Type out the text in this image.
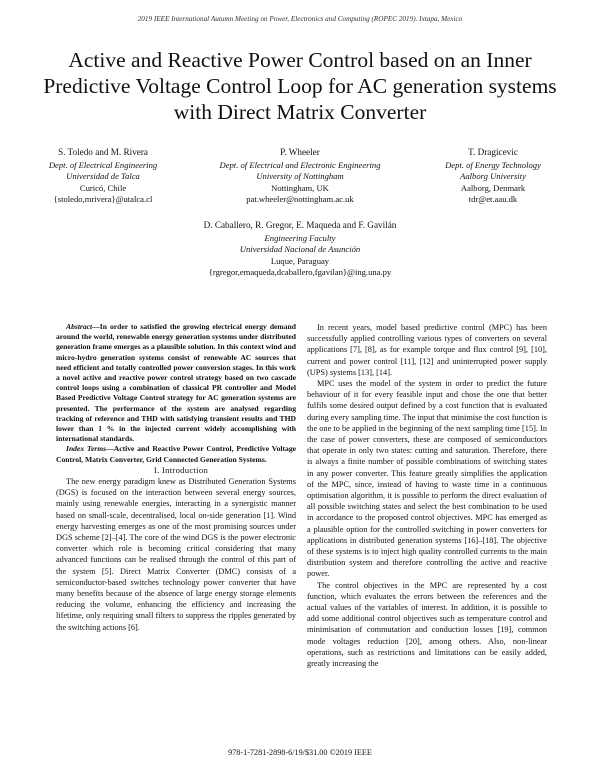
2019 IEEE International Autumn Meeting on Power, Electronics and Computing (ROPEC 2019). Ixtapa, Mexico
Active and Reactive Power Control based on an Inner Predictive Voltage Control Loop for AC generation systems with Direct Matrix Converter
S. Toledo and M. Rivera
Dept. of Electrical Engineering
Universidad de Talca
Curicó, Chile
{stoledo,mrivera}@utalca.cl
P. Wheeler
Dept. of Electrical and Electronic Engineering
University of Nottingham
Nottingham, UK
pat.wheeler@nottingham.ac.uk
T. Dragicevic
Dept. of Energy Technology
Aalborg University
Aalborg, Denmark
tdr@et.aau.dk
D. Caballero, R. Gregor, E. Maqueda and F. Gavilán
Engineering Faculty
Universidad Nacional de Asunción
Luque, Paraguay
{rgregor,emaqueda,dcaballero,fgavilan}@ing.una.py

Abstract—In order to satisfied the growing electrical energy demand around the world, renewable energy generation systems under distributed generation frame emerges as a plausible solution. In this context wind and micro-hydro generation systems consist of renewable AC sources that need efficient and totally controlled power conversion stages. In this work a novel active and reactive power control strategy based on two cascade control loops using a combination of classical PR controller and Model Based Predictive Voltage Control strategy for AC generation systems are presented. The performance of the system are analysed regarding tracking of reference and THD with satisfying transient results and THD lower than 1 % in the injected current widely accomplishing with international standards.

Index Terms—Active and Reactive Power Control, Predictive Voltage Control, Matrix Converter, Grid Connected Generation Systems.

I. Introduction

The new energy paradigm knew as Distributed Generation Systems (DGS) is focused on the interaction between several energy sources, mainly using renewable energies, interacting in a synergistic manner based on small-scale, decentralised, local on-side generation [1]. Wind energy harvesting emerges as one of the most promising sources under DGS scheme [2]–[4]. The core of the wind DGS is the power electronic converter which role is becoming critical considering that many advanced functions can be realised through the control of this part of the system [5]. Direct Matrix Converter (DMC) consists of a semiconductor-based switches technology power converter that have many benefits because of the absence of large energy storage elements reducing the volume, enhancing the efficiency and increasing the lifetime, only requiring small filters to suppress the ripples generated by the switching actions [6].

In recent years, model based predictive control (MPC) has been successfully applied controlling various types of converters on several applications [7], [8], as for example torque and flux control [9], [10], current and power control [11], [12] and uninterrupted power supply (UPS) systems [13], [14].

MPC uses the model of the system in order to predict the future behaviour of it for every feasible input and chose the one that better fulfils some desired output defined by a cost function that is evaluated during every sampling time. The input that minimise the cost function is the one to be applied in the beginning of the next sampling time [15]. In the case of power converters, these are composed of semiconductors that operate in only two states: cutting and saturation. Therefore, there is always a finite number of possible combinations of switching states in any power converter. This feature greatly simplifies the application of the MPC, since, instead of having to waste time in a continuous optimisation algorithm, it is possible to perform the direct evaluation of all possible switching states and select the best combination to be used in accordance to the proposed control objectives. MPC has emerged as a plausible option for the controlled switching in power converters for applications in distributed generation systems [16]–[18]. The objective of these systems is to inject high quality controlled currents to the main distribution system and therefore controlling the active and reactive power.

The control objectives in the MPC are represented by a cost function, which evaluates the errors between the references and the actual values of the variables of interest. In addition, it is possible to add some additional control objectives such as temperature control and minimisation of commutation and conduction losses [19], common mode voltages reduction [20], among others. Also, non-linear operations, such as restrictions and limitations can be easily added, greatly increasing the

978-1-7281-2898-6/19/$31.00 ©2019 IEEE
